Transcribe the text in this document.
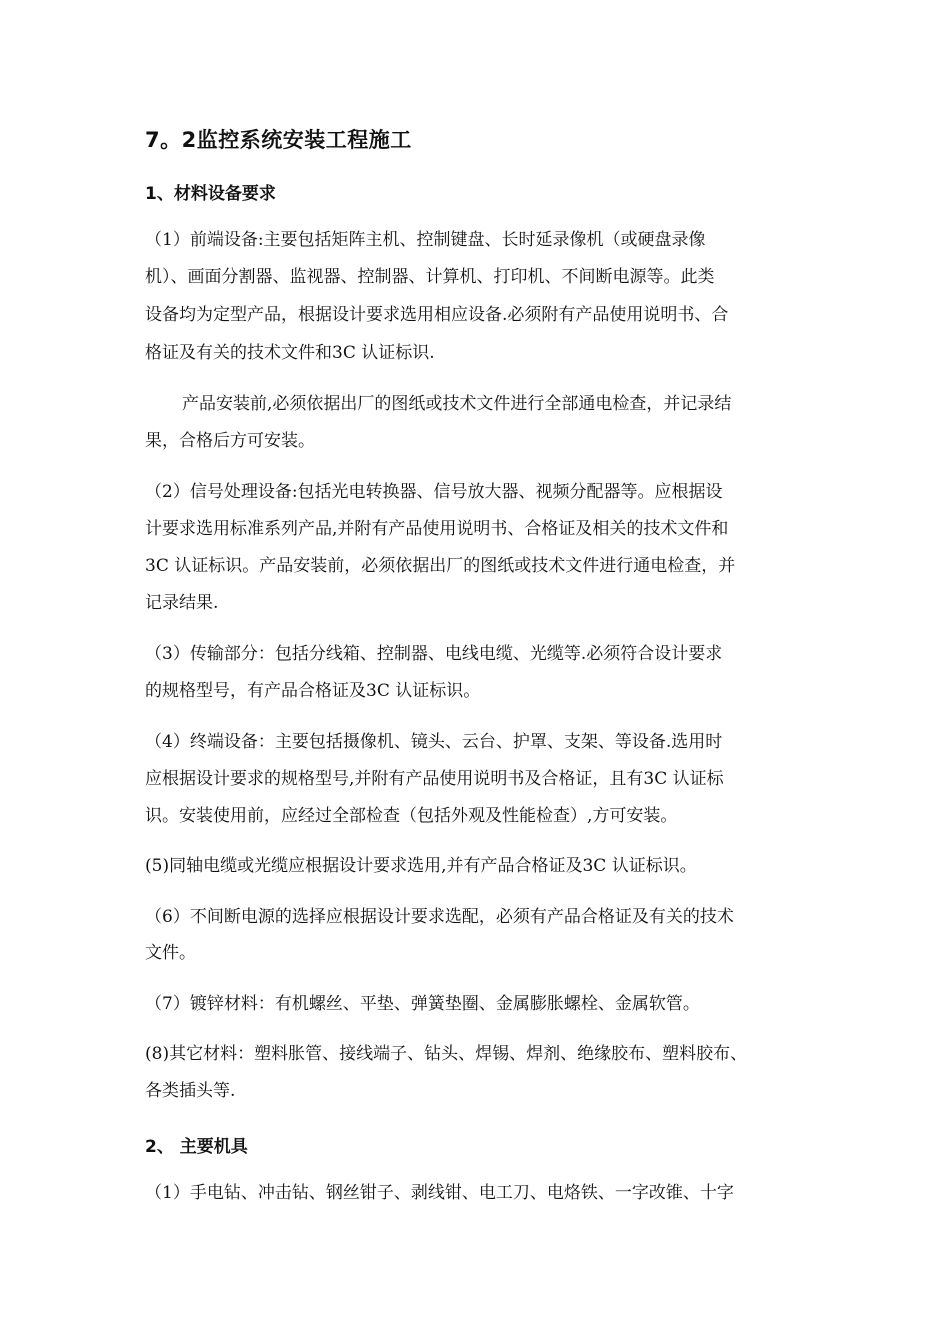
7。2监控系统安装工程施工
1、材料设备要求

（1）前端设备:主要包括矩阵主机、控制键盘、长时延录像机（或硬盘录像

机）、画面分割器、监视器、控制器、计算机、打印机、不间断电源等。此类

设备均为定型产品，根据设计要求选用相应设备.必须附有产品使用说明书、合

格证及有关的技术文件和3C 认证标识.

产品安装前,必须依据出厂的图纸或技术文件进行全部通电检查，并记录结

果，合格后方可安装。

（2）信号处理设备:包括光电转换器、信号放大器、视频分配器等。应根据设

计要求选用标准系列产品,并附有产品使用说明书、合格证及相关的技术文件和

3C 认证标识。产品安装前，必须依据出厂的图纸或技术文件进行通电检查，并

记录结果.

（3）传输部分：包括分线箱、控制器、电线电缆、光缆等.必须符合设计要求

的规格型号，有产品合格证及3C 认证标识。

（4）终端设备：主要包括摄像机、镜头、云台、护罩、支架、等设备.选用时

应根据设计要求的规格型号,并附有产品使用说明书及合格证，且有3C 认证标

识。安装使用前，应经过全部检查（包括外观及性能检查）,方可安装。

(5)同轴电缆或光缆应根据设计要求选用,并有产品合格证及3C 认证标识。

（6）不间断电源的选择应根据设计要求选配，必须有产品合格证及有关的技术

文件。

（7）镀锌材料：有机螺丝、平垫、弹簧垫圈、金属膨胀螺栓、金属软管。

(8)其它材料：塑料胀管、接线端子、钻头、焊锡、焊剂、绝缘胶布、塑料胶布、

各类插头等.

2、 主要机具

（1）手电钻、冲击钻、钢丝钳子、剥线钳、电工刀、电烙铁、一字改锥、十字
